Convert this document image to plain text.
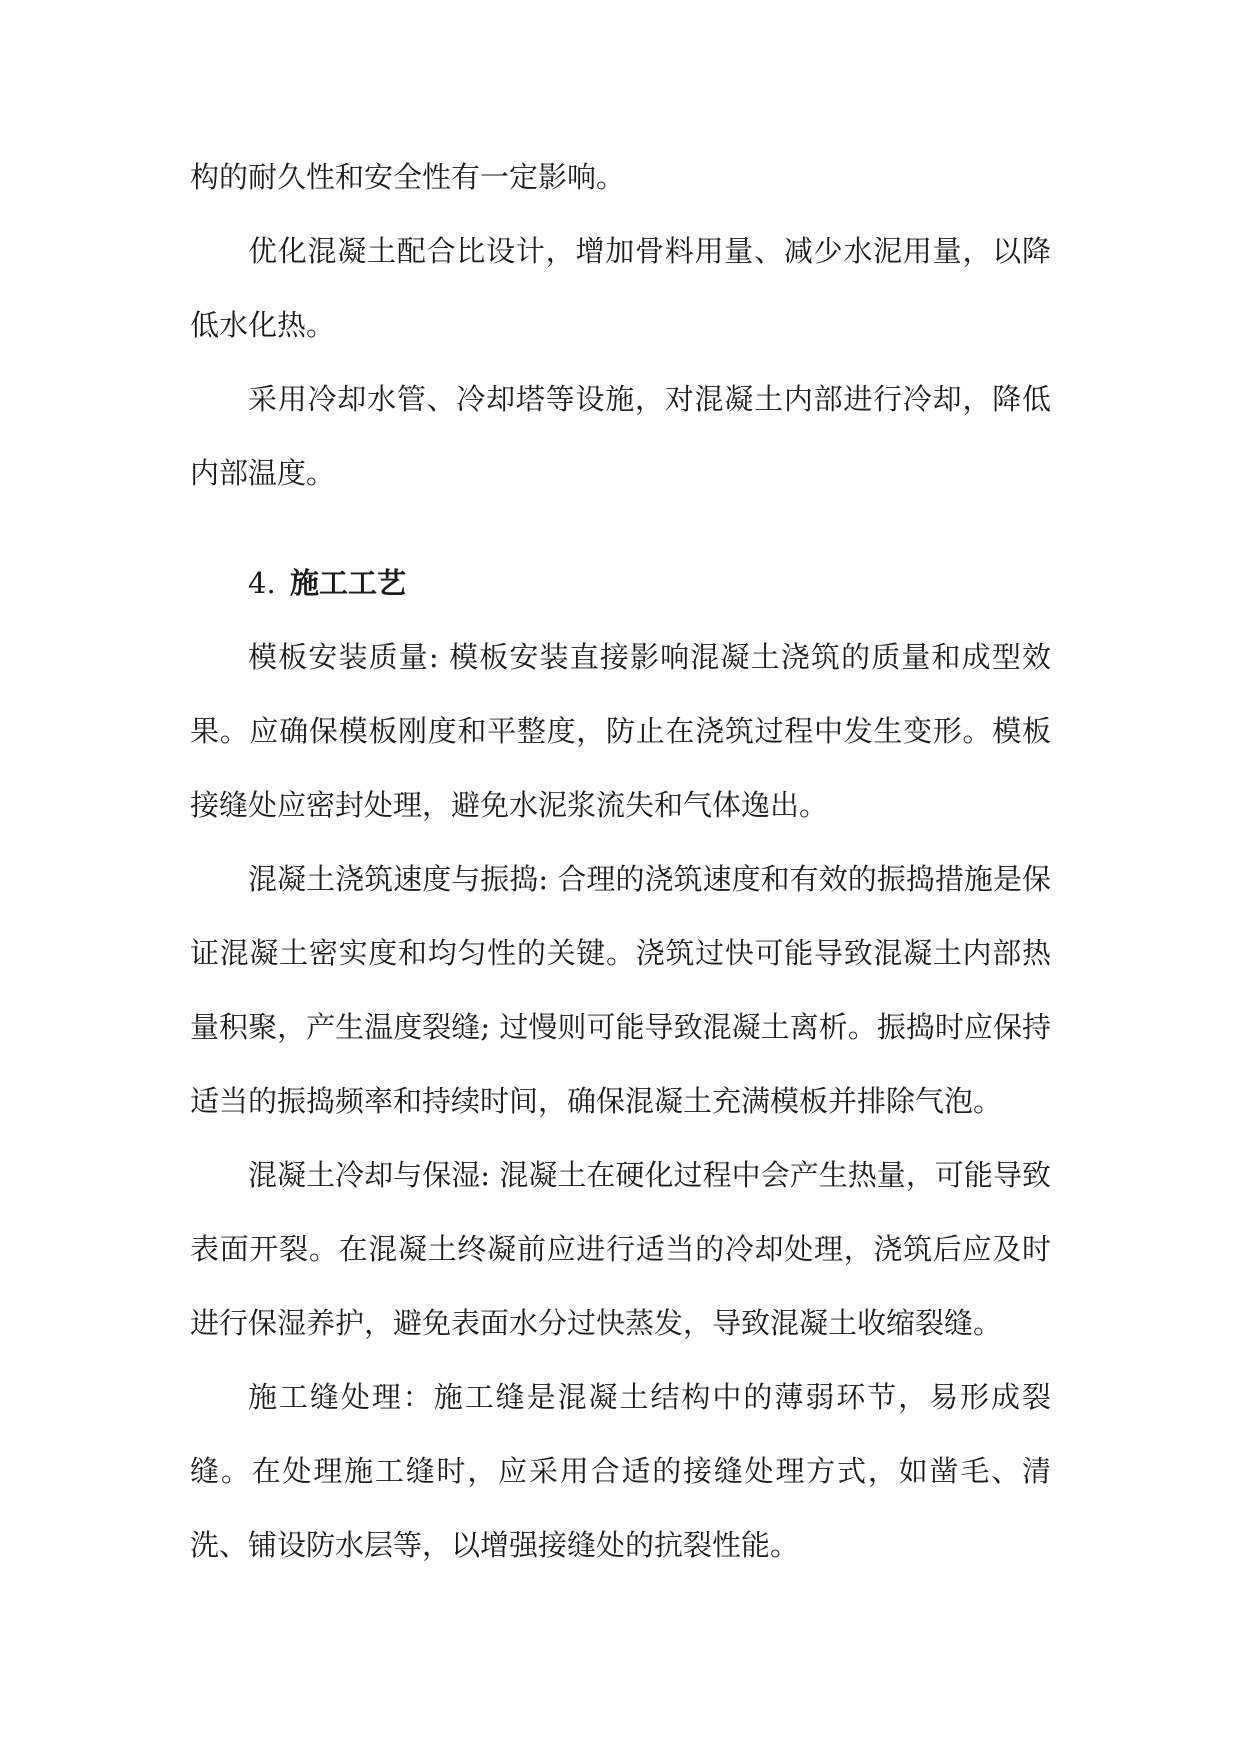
构的耐久性和安全性有一定影响。

优化混凝土配合比设计，增加骨料用量、减少水泥用量，以降低水化热。

采用冷却水管、冷却塔等设施，对混凝土内部进行冷却，降低内部温度。

4. 施工工艺

模板安装质量: 模板安装直接影响混凝土浇筑的质量和成型效果。应确保模板刚度和平整度，防止在浇筑过程中发生变形。模板接缝处应密封处理，避免水泥浆流失和气体逸出。

混凝土浇筑速度与振捣: 合理的浇筑速度和有效的振捣措施是保证混凝土密实度和均匀性的关键。浇筑过快可能导致混凝土内部热量积聚，产生温度裂缝; 过慢则可能导致混凝土离析。振捣时应保持适当的振捣频率和持续时间，确保混凝土充满模板并排除气泡。

混凝土冷却与保湿: 混凝土在硬化过程中会产生热量，可能导致表面开裂。在混凝土终凝前应进行适当的冷却处理，浇筑后应及时进行保湿养护，避免表面水分过快蒸发，导致混凝土收缩裂缝。

施工缝处理：施工缝是混凝土结构中的薄弱环节，易形成裂缝。在处理施工缝时，应采用合适的接缝处理方式，如凿毛、清洗、铺设防水层等，以增强接缝处的抗裂性能。
